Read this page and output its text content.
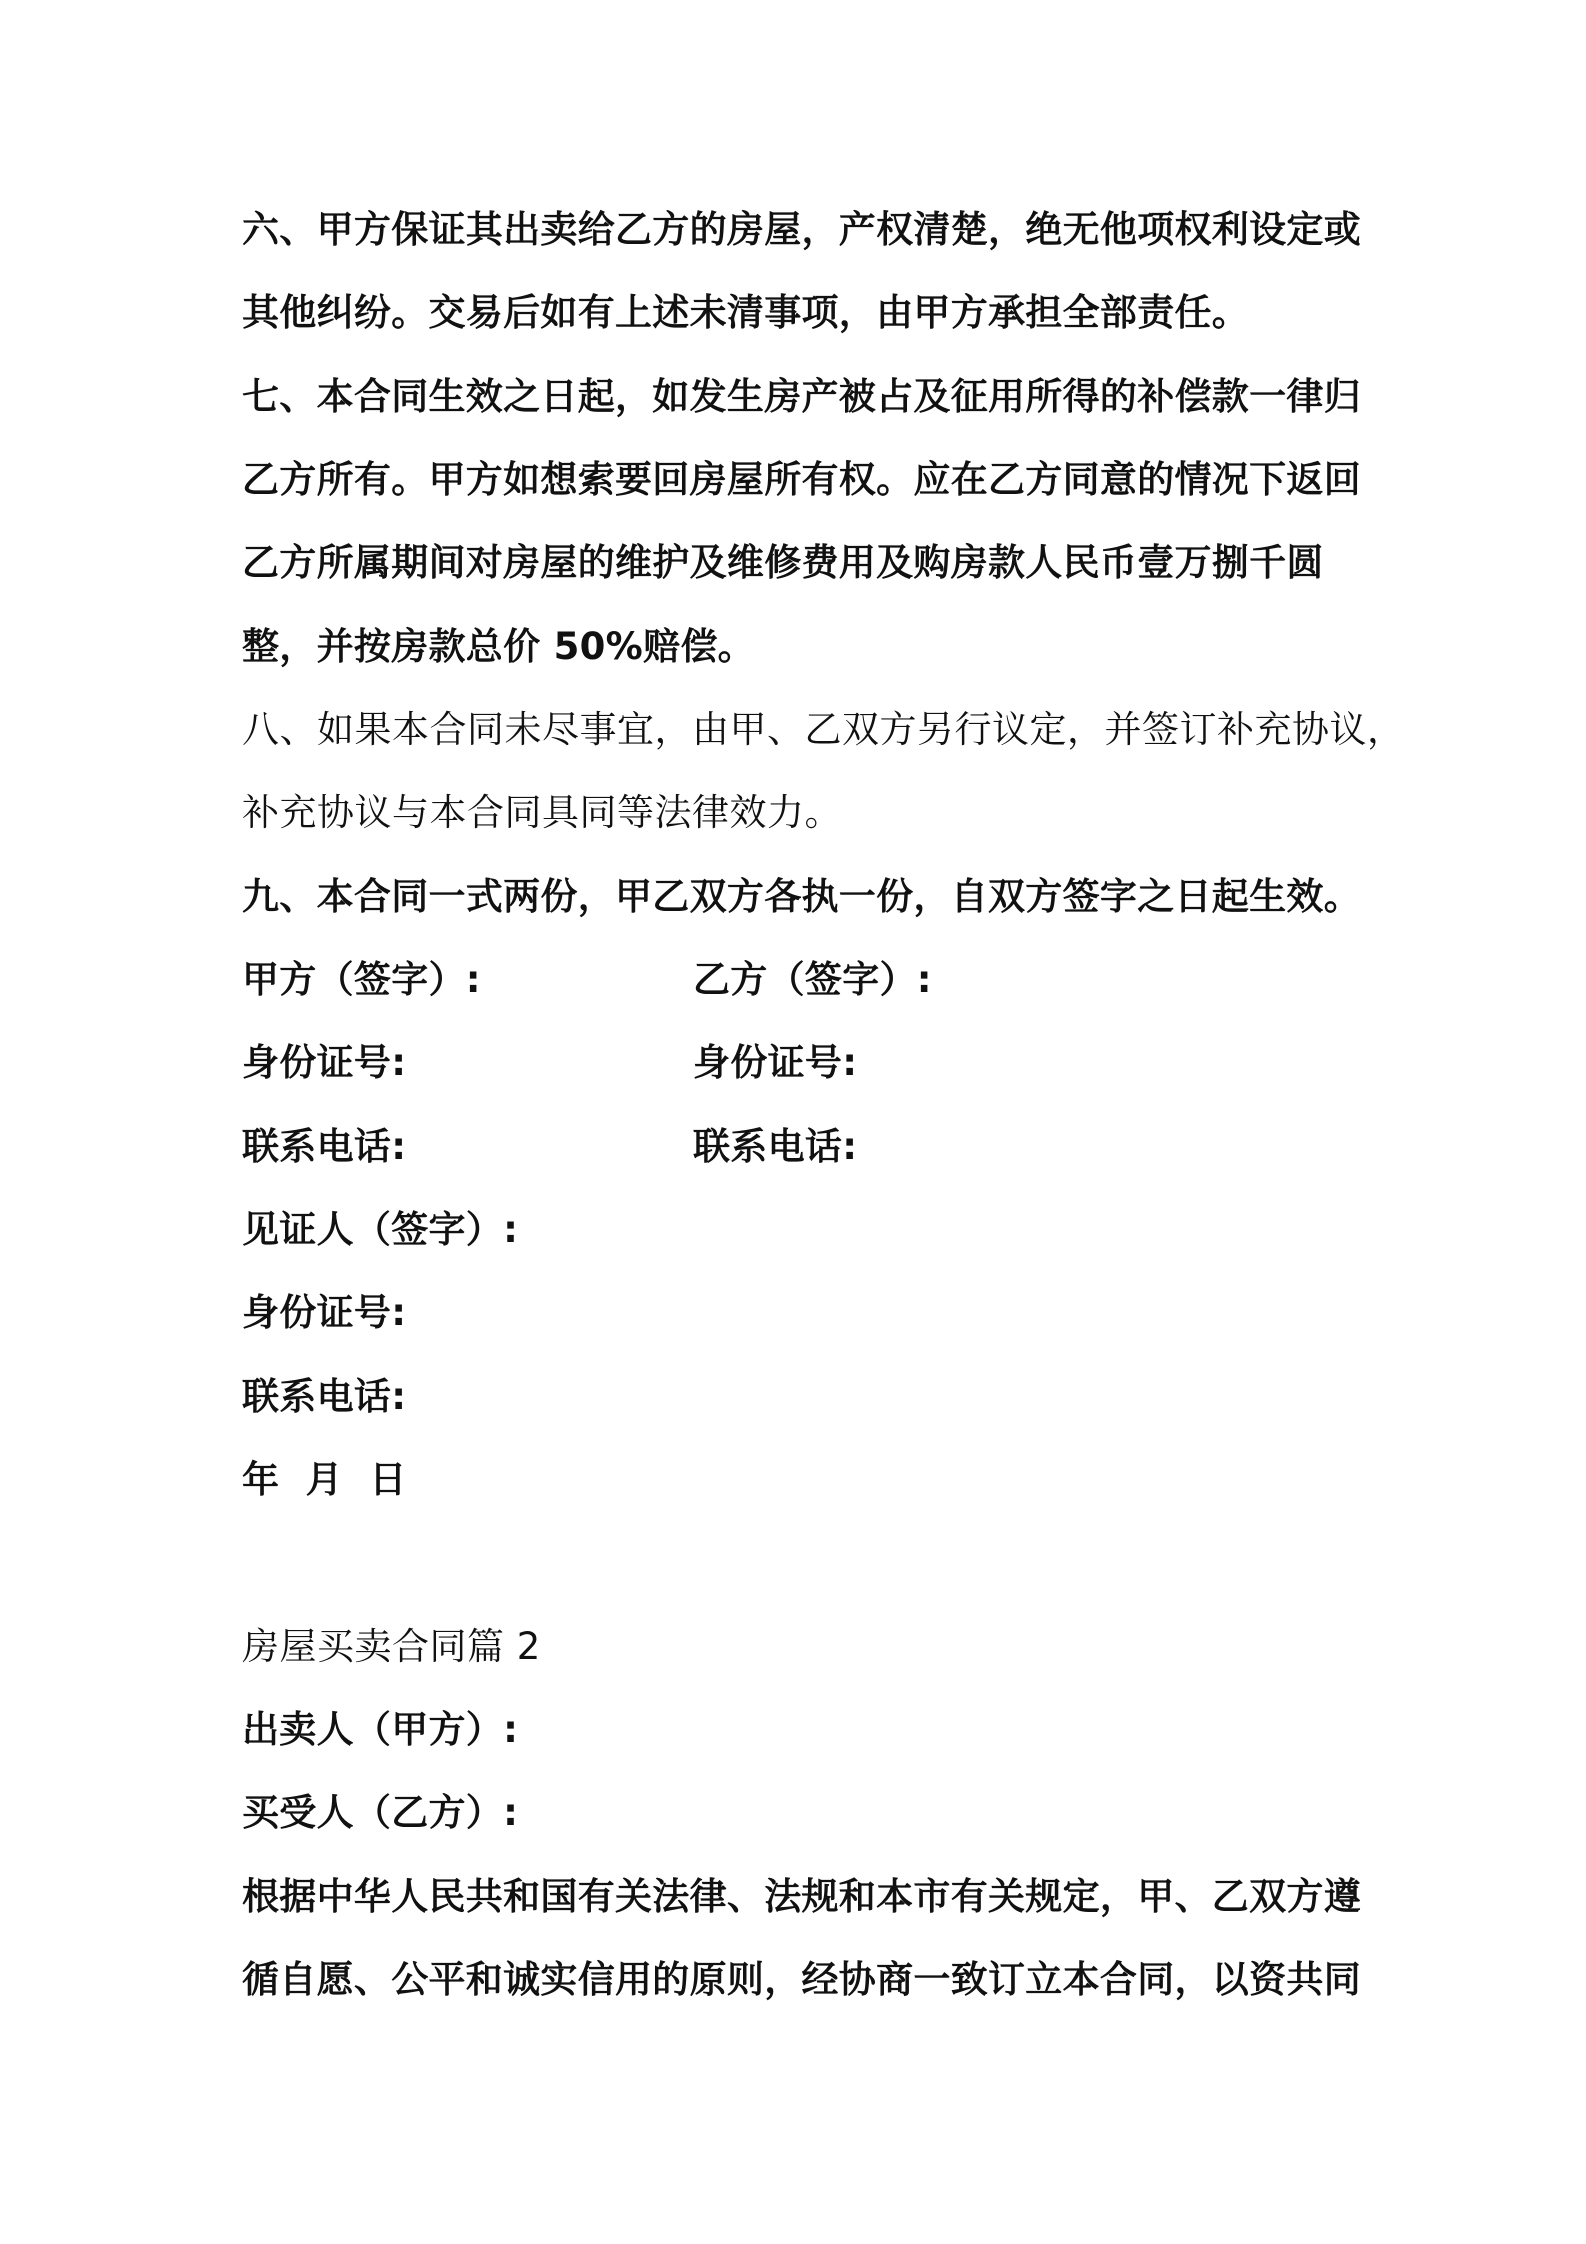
六、甲方保证其出卖给乙方的房屋，产权清楚，绝无他项权利设定或
其他纠纷。交易后如有上述未清事项，由甲方承担全部责任。
七、本合同生效之日起，如发生房产被占及征用所得的补偿款一律归
乙方所有。甲方如想索要回房屋所有权。应在乙方同意的情况下返回
乙方所属期间对房屋的维护及维修费用及购房款人民币壹万捌千圆
整，并按房款总价 50%赔偿。
八、如果本合同未尽事宜，由甲、乙双方另行议定，并签订补充协议，
补充协议与本合同具同等法律效力。
九、本合同一式两份，甲乙双方各执一份，自双方签字之日起生效。
甲方（签字）:	乙方（签字）:
身份证号:	身份证号:
联系电话:	联系电话:
见证人（签字）:
身份证号:
联系电话:
年  月  日
房屋买卖合同篇 2
出卖人（甲方）:
买受人（乙方）:
根据中华人民共和国有关法律、法规和本市有关规定，甲、乙双方遵
循自愿、公平和诚实信用的原则，经协商一致订立本合同，以资共同
